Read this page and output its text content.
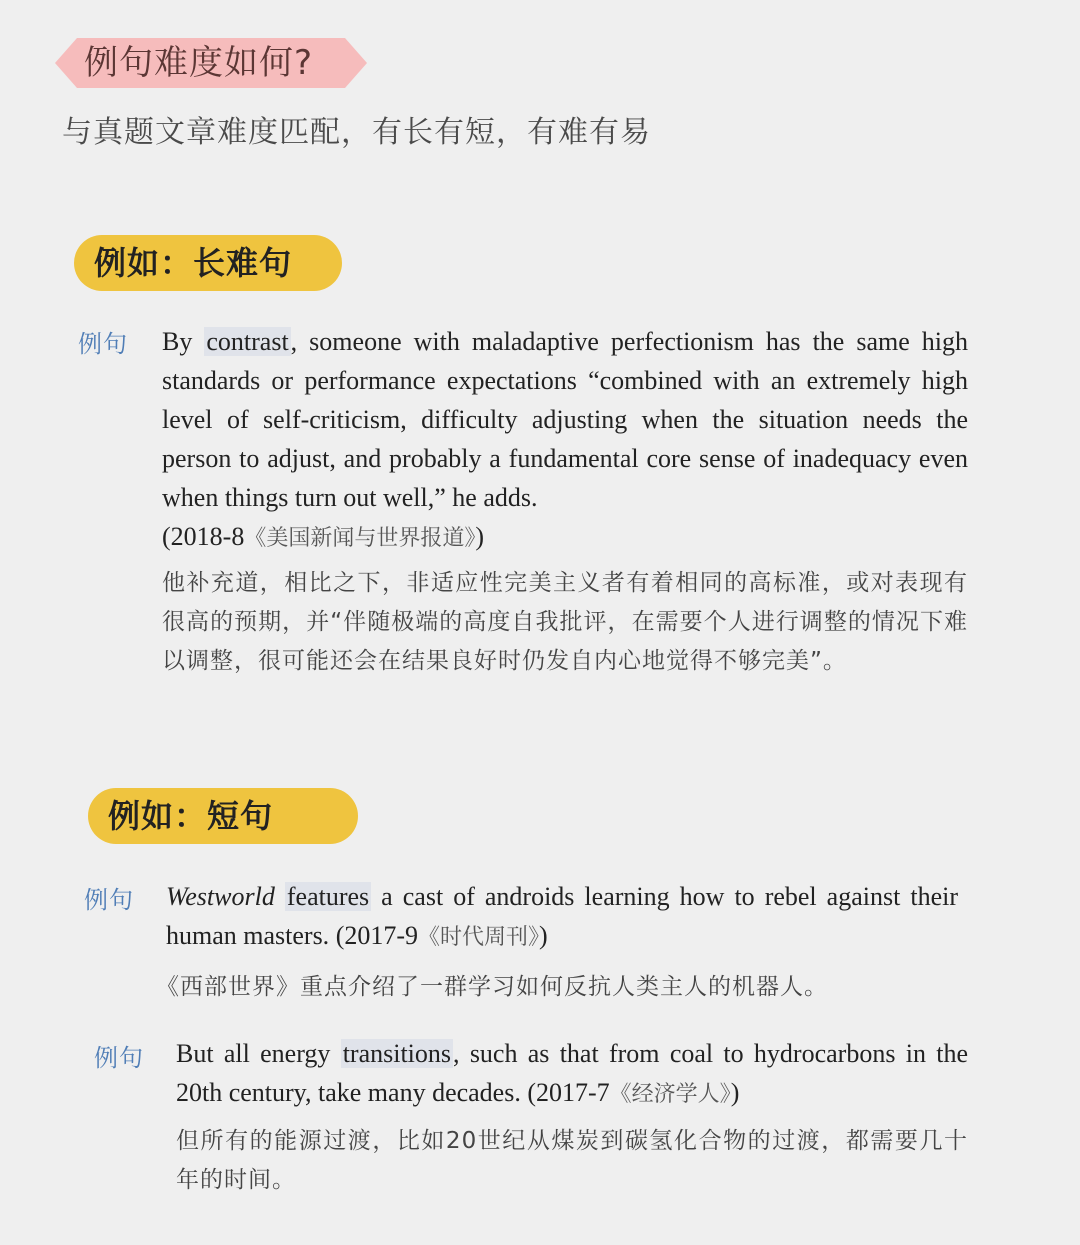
例句难度如何?
与真题文章难度匹配，有长有短，有难有易
例如：长难句
例句 By contrast, someone with maladaptive perfectionism has the same high standards or performance expectations “combined with an extremely high level of self-criticism, difficulty adjusting when the situation needs the person to adjust, and probably a fundamental core sense of inadequacy even when things turn out well,” he adds.
(2018-8《美国新闻与世界报道》)
他补充道，相比之下，非适应性完美主义者有着相同的高标准，或对表现有很高的预期，并“伴随极端的高度自我批评，在需要个人进行调整的情况下难以调整，很可能还会在结果良好时仍发自内心地觉得不够完美”。
例如：短句
例句 Westworld features a cast of androids learning how to rebel against their human masters. (2017-9《时代周刊》)
《西部世界》重点介绍了一群学习如何反抗人类主人的机器人。
例句 But all energy transitions, such as that from coal to hydrocarbons in the 20th century, take many decades. (2017-7《经济学人》)
但所有的能源过渡，比如20世纪从煤炭到碳氢化合物的过渡，都需要几十年的时间。
